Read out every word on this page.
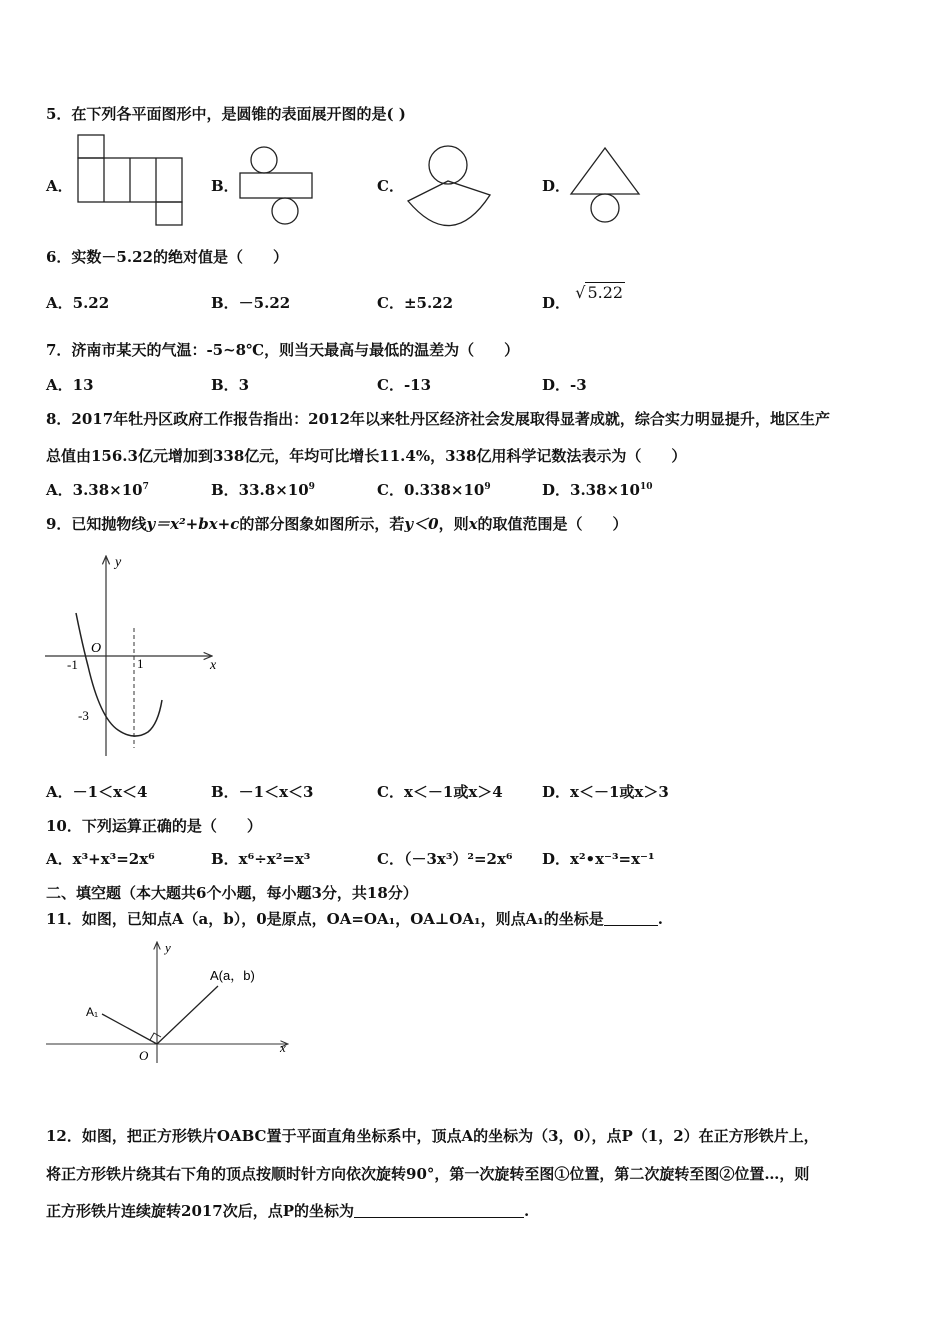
5．在下列各平面图形中，是圆锥的表面展开图的是( )
A．	B．	C．	D．
6．实数－5.22的绝对值是（　　）
A．5.22	B．－5.22	C．±5.22	D． √ 5.22
7．济南市某天的气温：-5~8℃，则当天最高与最低的温差为（　　）
A．13	B．3	C．-13	D．-3
8．2017年牡丹区政府工作报告指出：2012年以来牡丹区经济社会发展取得显著成就，综合实力明显提升，地区生产
总值由156.3亿元增加到338亿元，年均可比增长11.4%，338亿用科学记数法表示为（　　）
A．$3.38\times 10^7$	B．$33.8\times 10^9$	C．$0.338\times 10^9$	D．$3.38\times 10^{10}$
9．已知抛物线y＝x²+bx+c的部分图象如图所示，若y＜0，则x的取值范围是（　　）
y
x
O
-1	1
-3
A．－1＜x＜4	B．－1＜x＜3	C．x＜－1或x＞4	D．x＜－1或x＞3
10．下列运算正确的是（　　）
A．x³+x³=2x⁶	B．x⁶÷x²=x³	C．（－3x³）²=2x⁶ D．x²•x⁻³=x⁻¹
二、填空题（本大题共6个小题，每小题3分，共18分）
11．如图，已知点A（a，b），0是原点，OA=OA₁，OA⊥OA₁，则点A₁的坐标是	.
y
x
O
A(a，b)
A₁
12．如图，把正方形铁片OABC置于平面直角坐标系中，顶点A的坐标为（3，0），点P（1，2）在正方形铁片上，
将正方形铁片绕其右下角的顶点按顺时针方向依次旋转90°，第一次旋转至图①位置，第二次旋转至图②位置…，则
正方形铁片连续旋转2017次后，点P的坐标为	.
